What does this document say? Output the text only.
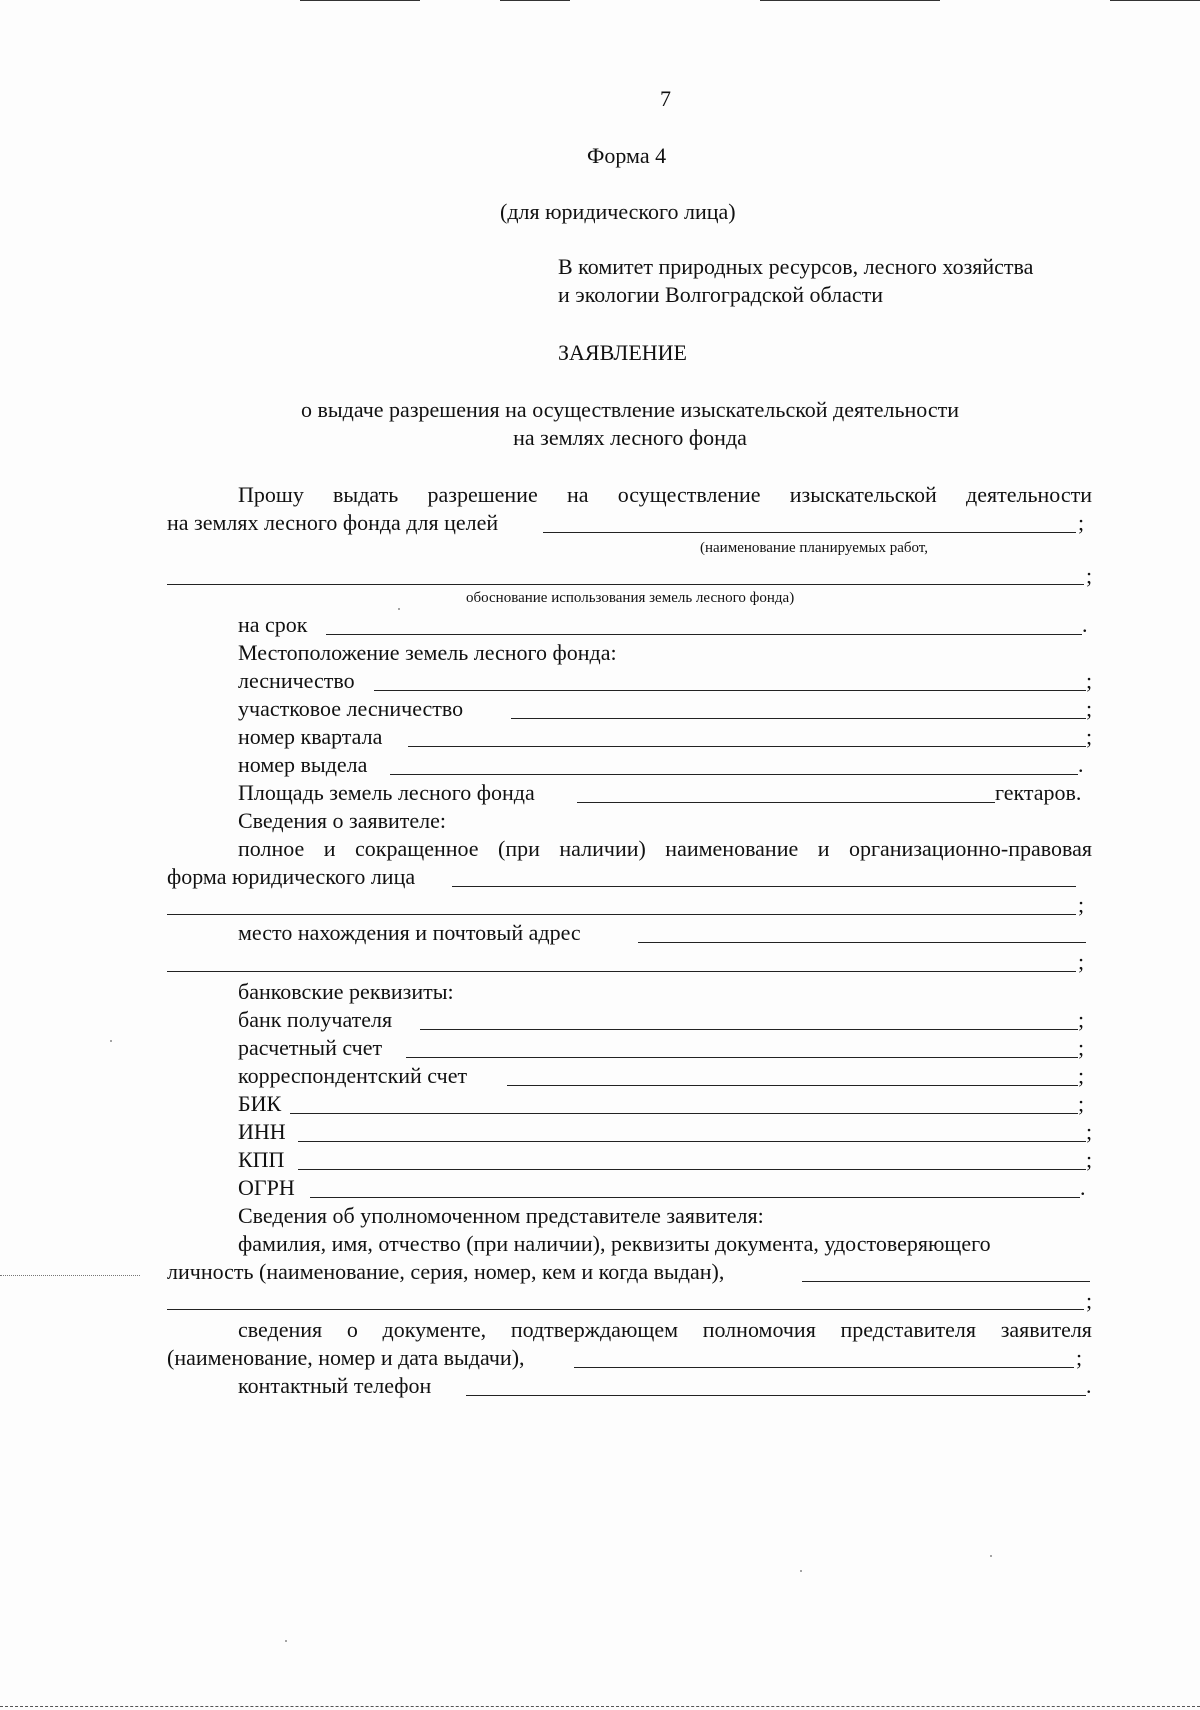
7
Форма 4
(для юридического лица)
В комитет природных ресурсов, лесного хозяйства
и экологии Волгоградской области
ЗАЯВЛЕНИЕ
о выдаче разрешения на осуществление изыскательской деятельности
на землях лесного фонда
Прошу выдать разрешение на осуществление изыскательской деятельности
на землях лесного фонда для целей	;
(наименование планируемых работ,
;
обоснование использования земель лесного фонда)
на срок	.
Местоположение земель лесного фонда:
лесничество	;
участковое лесничество	;
номер квартала	;
номер выдела	.
Площадь земель лесного фонда	гектаров.
Сведения о заявителе:
полное и сокращенное (при наличии) наименование и организационно-правовая
форма юридического лица
;
место нахождения и почтовый адрес
;
банковские реквизиты:
банк получателя	;
расчетный счет	;
корреспондентский счет	;
БИК	;
ИНН	;
КПП	;
ОГРН	.
Сведения об уполномоченном представителе заявителя:
фамилия, имя, отчество (при наличии), реквизиты документа, удостоверяющего
личность (наименование, серия, номер, кем и когда выдан),
;
сведения о документе, подтверждающем полномочия представителя заявителя
(наименование, номер и дата выдачи),	;
контактный телефон	.
